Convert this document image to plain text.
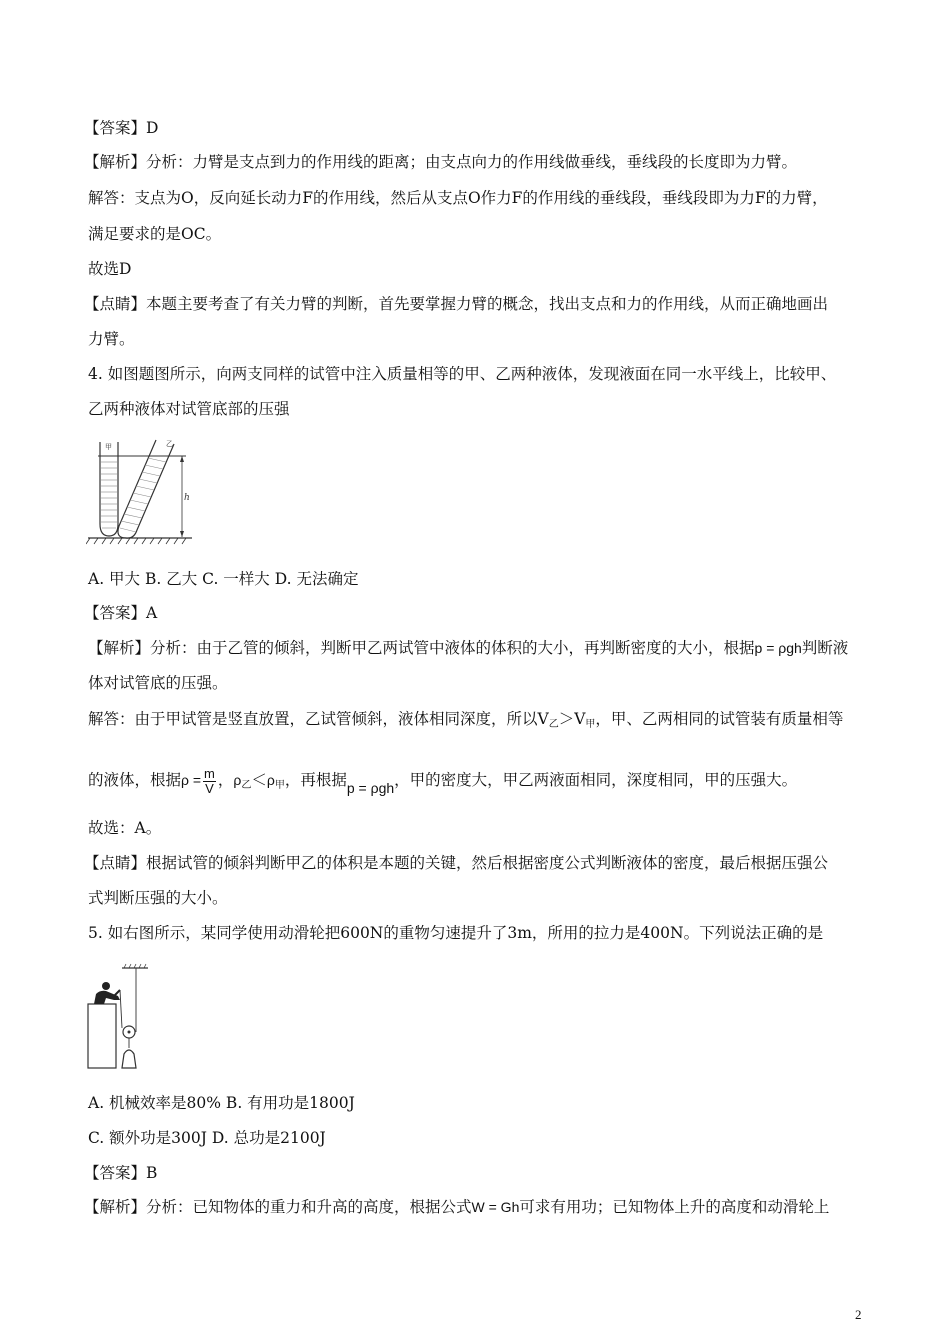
【答案】D
【解析】分析：力臂是支点到力的作用线的距离；由支点向力的作用线做垂线，垂线段的长度即为力臂。
解答：支点为O，反向延长动力F的作用线，然后从支点O作力F的作用线的垂线段，垂线段即为力F的力臂，
满足要求的是OC。
故选D
【点睛】本题主要考查了有关力臂的判断，首先要掌握力臂的概念，找出支点和力的作用线，从而正确地画出
力臂。
4. 如图题图所示，向两支同样的试管中注入质量相等的甲、乙两种液体，发现液面在同一水平线上，比较甲、
乙两种液体对试管底部的压强
甲	乙
h
A. 甲大 B. 乙大 C. 一样大 D. 无法确定
【答案】A
【解析】分析：由于乙管的倾斜，判断甲乙两试管中液体的体积的大小，再判断密度的大小，根据p = ρgh判断液
体对试管底的压强。
解答：由于甲试管是竖直放置，乙试管倾斜，液体相同深度，所以$V_乙>V_甲$，甲、乙两相同的试管装有质量相等
的液体，根据$\rho = \frac{m}{V}$ ，$\rho_乙<\rho_甲$，再根据p = ρgh，甲的密度大，甲乙两液面相同，深度相同，甲的压强大。
故选：A。
【点睛】根据试管的倾斜判断甲乙的体积是本题的关键，然后根据密度公式判断液体的密度，最后根据压强公
式判断压强的大小。
5. 如右图所示，某同学使用动滑轮把600N的重物匀速提升了3m，所用的拉力是400N。下列说法正确的是
A. 机械效率是80% B. 有用功是1800J
C. 额外功是300J D. 总功是2100J
【答案】B
【解析】分析：已知物体的重力和升高的高度，根据公式W = Gh可求有用功；已知物体上升的高度和动滑轮上
2
